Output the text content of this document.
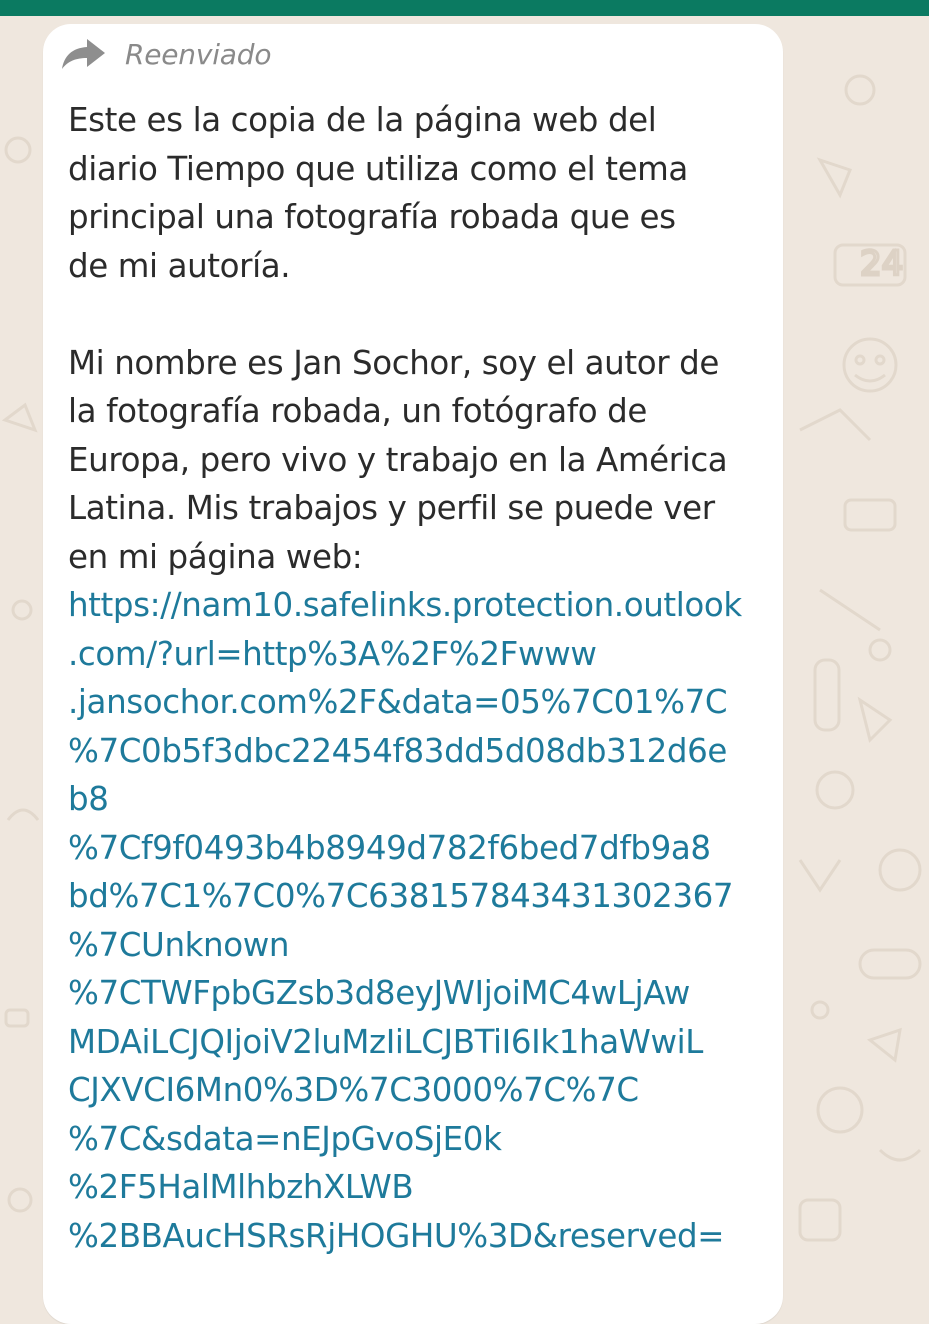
24
Reenviado
Este es la copia de la página web del
diario Tiempo que utiliza como el tema
principal una fotografía robada que es
de mi autoría.
Mi nombre es Jan Sochor, soy el autor de
la fotografía robada, un fotógrafo de
Europa, pero vivo y trabajo en la América
Latina. Mis trabajos y perfil se puede ver
en mi página web:
https://nam10.safelinks.protection.outlook
.com/?url=http%3A%2F%2Fwww
.jansochor.com%2F&data=05%7C01%7C
%7C0b5f3dbc22454f83dd5d08db312d6e
b8
%7Cf9f0493b4b8949d782f6bed7dfb9a8
bd%7C1%7C0%7C638157843431302367
%7CUnknown
%7CTWFpbGZsb3d8eyJWIjoiMC4wLjAw
MDAiLCJQIjoiV2luMzIiLCJBTiI6Ik1haWwiL
CJXVCI6Mn0%3D%7C3000%7C%7C
%7C&sdata=nEJpGvoSjE0k
%2F5HalMlhbzhXLWB
%2BBAucHSRsRjHOGHU%3D&reserved=
